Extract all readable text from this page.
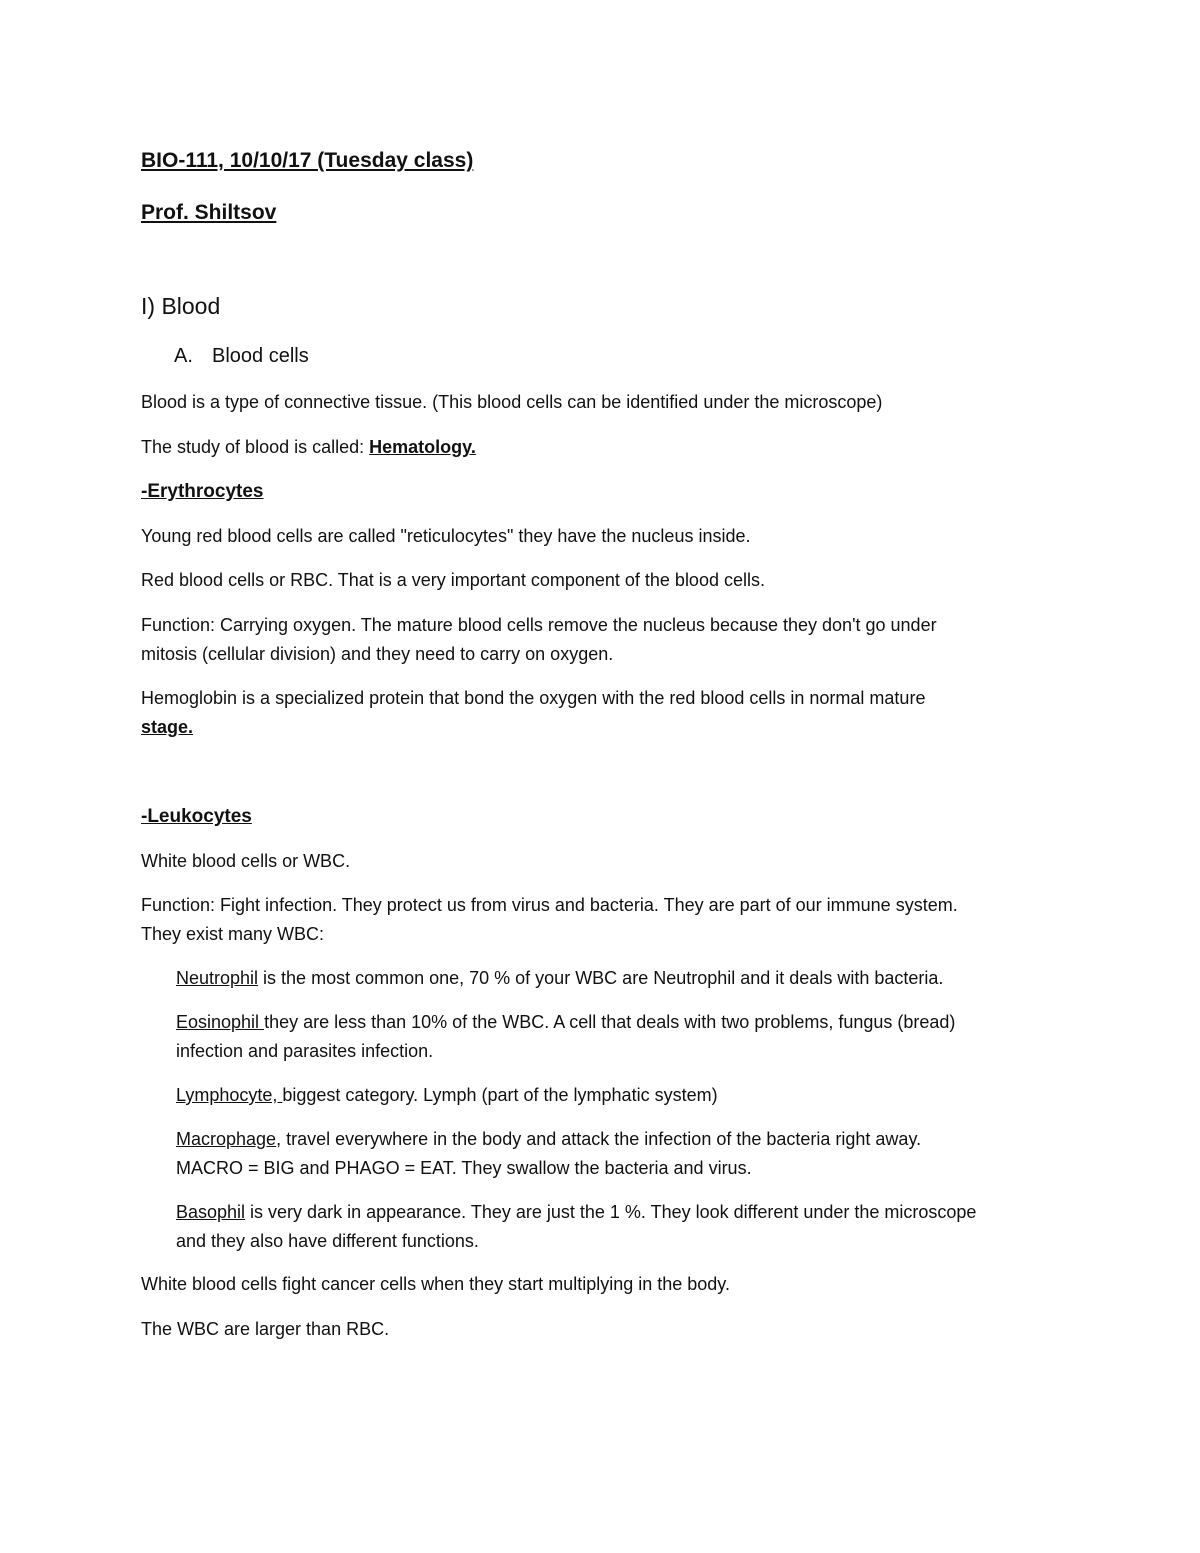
BIO-111, 10/10/17 (Tuesday class)
Prof. Shiltsov
I) Blood
A. Blood cells
Blood is a type of connective tissue. (This blood cells can be identified under the microscope)
The study of blood is called: Hematology.
-Erythrocytes
Young red blood cells are called "reticulocytes" they have the nucleus inside.
Red blood cells or RBC. That is a very important component of the blood cells.
Function: Carrying oxygen. The mature blood cells remove the nucleus because they don't go under
mitosis (cellular division) and they need to carry on oxygen.
Hemoglobin is a specialized protein that bond the oxygen with the red blood cells in normal mature
stage.
-Leukocytes
White blood cells or WBC.
Function: Fight infection. They protect us from virus and bacteria. They are part of our immune system.
They exist many WBC:
Neutrophil is the most common one, 70 % of your WBC are Neutrophil and it deals with bacteria.
Eosinophil they are less than 10% of the WBC. A cell that deals with two problems, fungus (bread)
infection and parasites infection.
Lymphocyte, biggest category. Lymph (part of the lymphatic system)
Macrophage, travel everywhere in the body and attack the infection of the bacteria right away.
MACRO = BIG and PHAGO = EAT. They swallow the bacteria and virus.
Basophil is very dark in appearance. They are just the 1 %. They look different under the microscope
and they also have different functions.
White blood cells fight cancer cells when they start multiplying in the body.
The WBC are larger than RBC.
